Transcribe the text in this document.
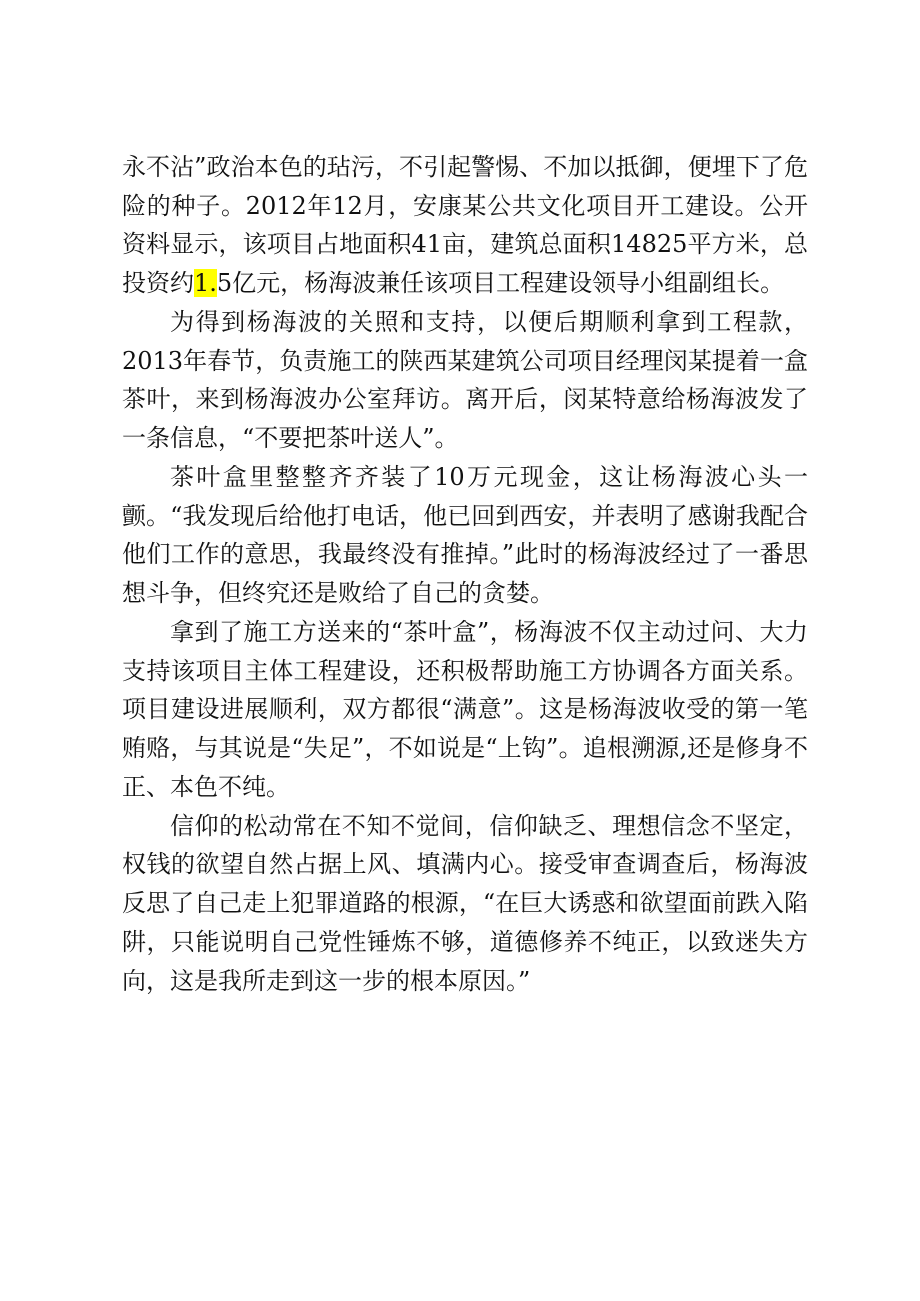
永不沾”政治本色的玷污，不引起警惕、不加以抵御，便埋下了危险的种子。2012年12月，安康某公共文化项目开工建设。公开资料显示，该项目占地面积41亩，建筑总面积14825平方米，总投资约1.5亿元，杨海波兼任该项目工程建设领导小组副组长。

为得到杨海波的关照和支持，以便后期顺利拿到工程款，2013年春节，负责施工的陕西某建筑公司项目经理闵某提着一盒茶叶，来到杨海波办公室拜访。离开后，闵某特意给杨海波发了一条信息，“不要把茶叶送人”。

茶叶盒里整整齐齐装了10万元现金，这让杨海波心头一颤。“我发现后给他打电话，他已回到西安，并表明了感谢我配合他们工作的意思，我最终没有推掉。”此时的杨海波经过了一番思想斗争，但终究还是败给了自己的贪婪。

拿到了施工方送来的“茶叶盒”，杨海波不仅主动过问、大力支持该项目主体工程建设，还积极帮助施工方协调各方面关系。项目建设进展顺利，双方都很“满意”。这是杨海波收受的第一笔贿赂，与其说是“失足”，不如说是“上钩”。追根溯源,还是修身不正、本色不纯。

信仰的松动常在不知不觉间，信仰缺乏、理想信念不坚定，权钱的欲望自然占据上风、填满内心。接受审查调查后，杨海波反思了自己走上犯罪道路的根源，“在巨大诱惑和欲望面前跌入陷阱，只能说明自己党性锤炼不够，道德修养不纯正，以致迷失方向，这是我所走到这一步的根本原因。”
